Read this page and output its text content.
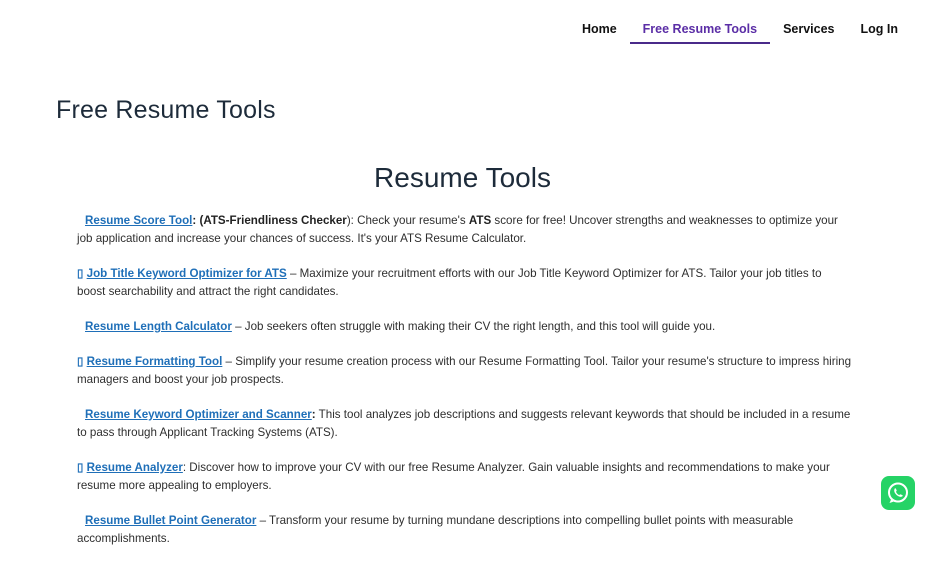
Home	Free Resume Tools	Services	Log In
Free Resume Tools
Resume Tools

Resume Score Tool: (ATS-Friendliness Checker): Check your resume's ATS score for free! Uncover strengths and weaknesses to optimize your job application and increase your chances of success. It's your ATS Resume Calculator.

▯ Job Title Keyword Optimizer for ATS – Maximize your recruitment efforts with our Job Title Keyword Optimizer for ATS. Tailor your job titles to boost searchability and attract the right candidates.

Resume Length Calculator – Job seekers often struggle with making their CV the right length, and this tool will guide you.

▯ Resume Formatting Tool – Simplify your resume creation process with our Resume Formatting Tool. Tailor your resume's structure to impress hiring managers and boost your job prospects.

Resume Keyword Optimizer and Scanner: This tool analyzes job descriptions and suggests relevant keywords that should be included in a resume to pass through Applicant Tracking Systems (ATS).

▯ Resume Analyzer: Discover how to improve your CV with our free Resume Analyzer. Gain valuable insights and recommendations to make your resume more appealing to employers.

Resume Bullet Point Generator – Transform your resume by turning mundane descriptions into compelling bullet points with measurable accomplishments.
